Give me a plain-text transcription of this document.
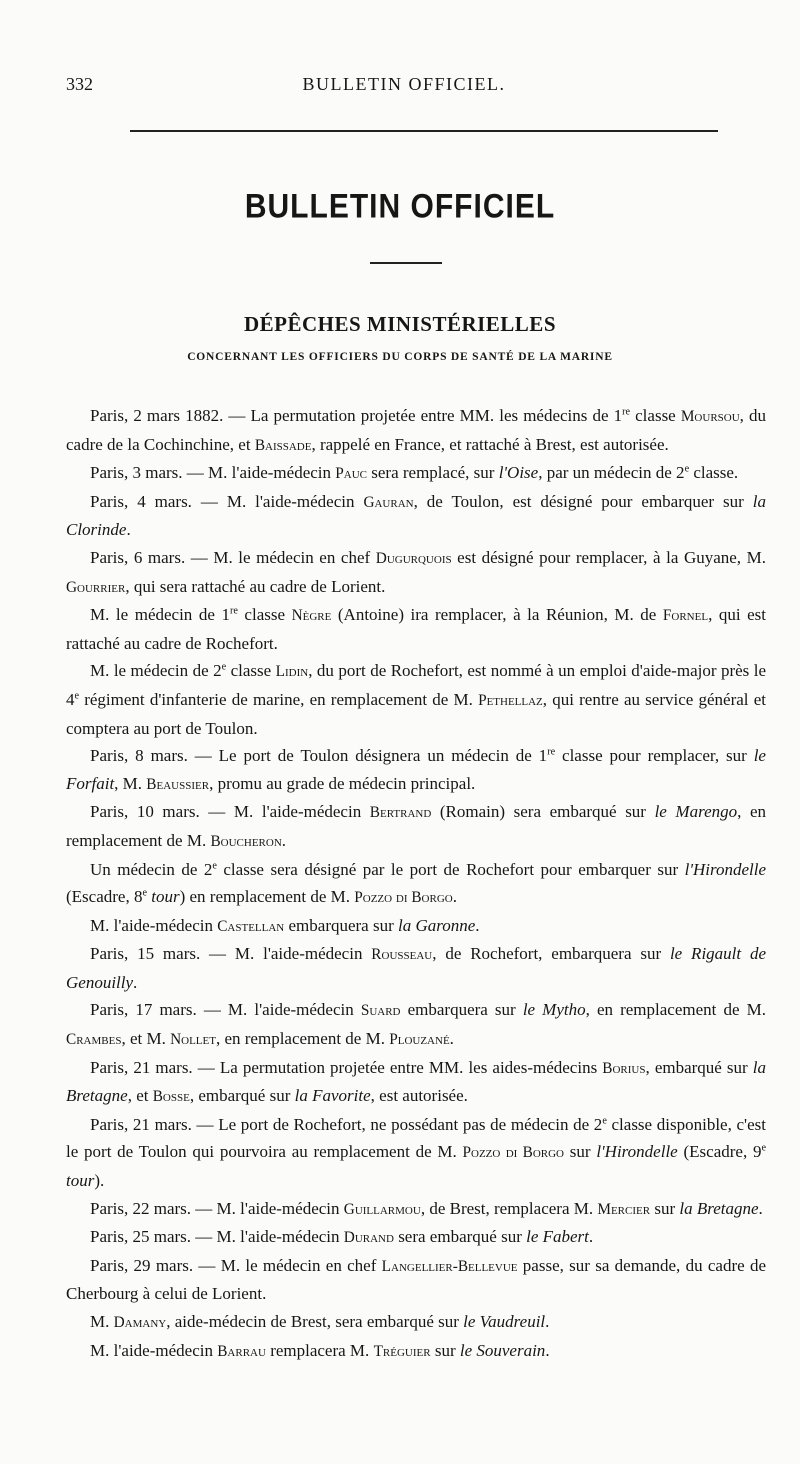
332	BULLETIN OFFICIEL.
BULLETIN OFFICIEL
DÉPÊCHES MINISTÉRIELLES
CONCERNANT LES OFFICIERS DU CORPS DE SANTÉ DE LA MARINE

Paris, 2 mars 1882. — La permutation projetée entre MM. les médecins de 1re classe Moursou, du cadre de la Cochinchine, et Baissade, rappelé en France, et rattaché à Brest, est autorisée.

Paris, 3 mars. — M. l'aide-médecin Pauc sera remplacé, sur l'Oise, par un médecin de 2e classe.

Paris, 4 mars. — M. l'aide-médecin Gauran, de Toulon, est désigné pour embarquer sur la Clorinde.

Paris, 6 mars. — M. le médecin en chef Dugurquois est désigné pour remplacer, à la Guyane, M. Gourrier, qui sera rattaché au cadre de Lorient.

M. le médecin de 1re classe Nègre (Antoine) ira remplacer, à la Réunion, M. de Fornel, qui est rattaché au cadre de Rochefort.

M. le médecin de 2e classe Lidin, du port de Rochefort, est nommé à un emploi d'aide-major près le 4e régiment d'infanterie de marine, en remplacement de M. Pethellaz, qui rentre au service général et comptera au port de Toulon.

Paris, 8 mars. — Le port de Toulon désignera un médecin de 1re classe pour remplacer, sur le Forfait, M. Beaussier, promu au grade de médecin principal.

Paris, 10 mars. — M. l'aide-médecin Bertrand (Romain) sera embarqué sur le Marengo, en remplacement de M. Boucheron.

Un médecin de 2e classe sera désigné par le port de Rochefort pour embarquer sur l'Hirondelle (Escadre, 8e tour) en remplacement de M. Pozzo di Borgo.

M. l'aide-médecin Castellan embarquera sur la Garonne.

Paris, 15 mars. — M. l'aide-médecin Rousseau, de Rochefort, embarquera sur le Rigault de Genouilly.

Paris, 17 mars. — M. l'aide-médecin Suard embarquera sur le Mytho, en remplacement de M. Crambes, et M. Nollet, en remplacement de M. Plouzané.

Paris, 21 mars. — La permutation projetée entre MM. les aides-médecins Borius, embarqué sur la Bretagne, et Bosse, embarqué sur la Favorite, est autorisée.

Paris, 21 mars. — Le port de Rochefort, ne possédant pas de médecin de 2e classe disponible, c'est le port de Toulon qui pourvoira au remplacement de M. Pozzo di Borgo sur l'Hirondelle (Escadre, 9e tour).

Paris, 22 mars. — M. l'aide-médecin Guillarmou, de Brest, remplacera M. Mercier sur la Bretagne.

Paris, 25 mars. — M. l'aide-médecin Durand sera embarqué sur le Fabert.

Paris, 29 mars. — M. le médecin en chef Langellier-Bellevue passe, sur sa demande, du cadre de Cherbourg à celui de Lorient.

M. Damany, aide-médecin de Brest, sera embarqué sur le Vaudreuil.

M. l'aide-médecin Barrau remplacera M. Tréguier sur le Souverain.
